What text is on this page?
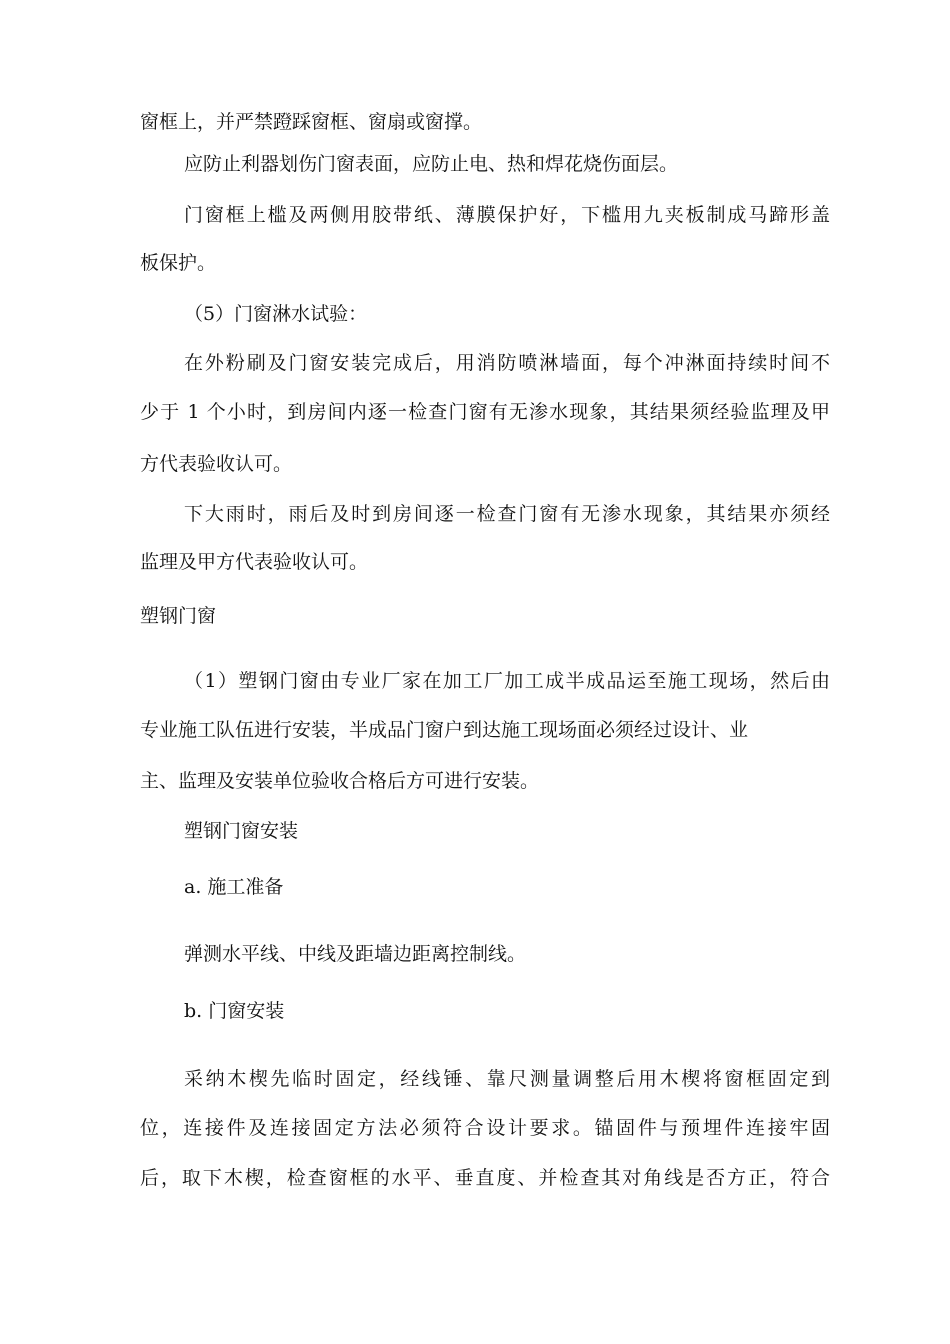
窗框上，并严禁蹬踩窗框、窗扇或窗撑。
应防止利器划伤门窗表面，应防止电、热和焊花烧伤面层。
门窗框上槛及两侧用胶带纸、薄膜保护好，下槛用九夹板制成马蹄形盖
板保护。
（5）门窗淋水试验：
在外粉刷及门窗安装完成后，用消防喷淋墙面，每个冲淋面持续时间不
少于 1 个小时，到房间内逐一检查门窗有无渗水现象，其结果须经验监理及甲
方代表验收认可。
下大雨时，雨后及时到房间逐一检查门窗有无渗水现象，其结果亦须经
监理及甲方代表验收认可。
塑钢门窗
（1）塑钢门窗由专业厂家在加工厂加工成半成品运至施工现场，然后由
专业施工队伍进行安装，半成品门窗户到达施工现场面必须经过设计、业
主、监理及安装单位验收合格后方可进行安装。
塑钢门窗安装
a. 施工准备
弹测水平线、中线及距墙边距离控制线。
b. 门窗安装
采纳木楔先临时固定，经线锤、靠尺测量调整后用木楔将窗框固定到
位，连接件及连接固定方法必须符合设计要求。锚固件与预埋件连接牢固
后，取下木楔，检查窗框的水平、垂直度、并检查其对角线是否方正，符合
